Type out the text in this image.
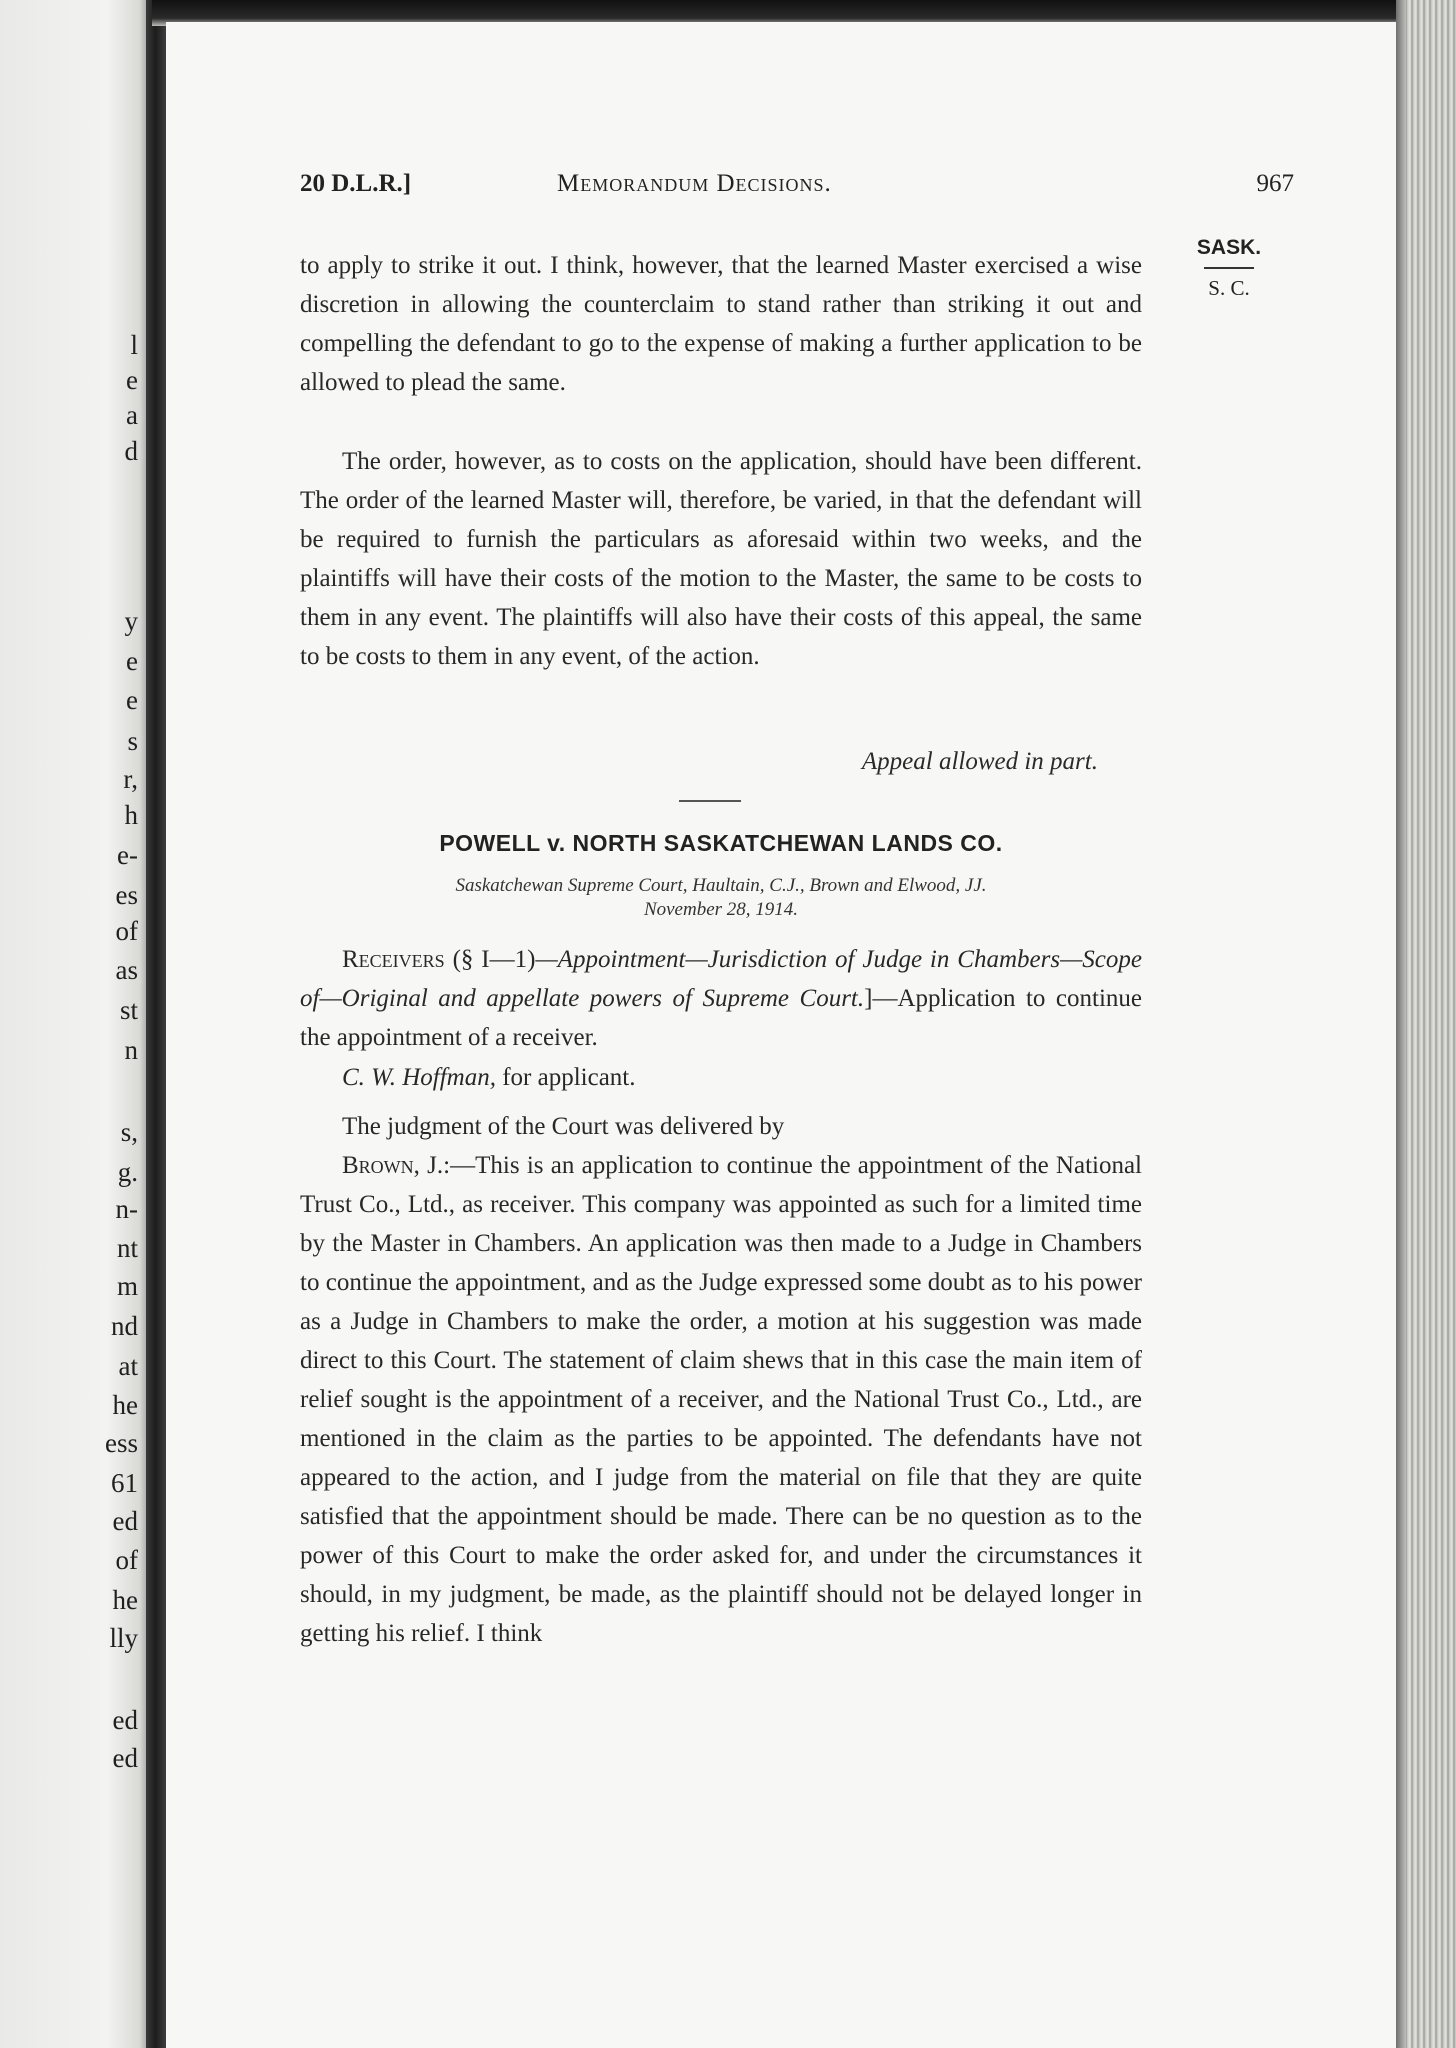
l
e
a
d
y
e
e
s
r,
h
e-
es
of
as
st
n
s,
g.
n-
nt
m
nd
at
he
ess
61
ed
of
he
lly
ed
ed
20 D.L.R.]	Memorandum Decisions.	967
SASK.
S. C.

to apply to strike it out. I think, however, that the learned Master exercised a wise discretion in allowing the counterclaim to stand rather than striking it out and compelling the defendant to go to the expense of making a further application to be allowed to plead the same.

The order, however, as to costs on the application, should have been different. The order of the learned Master will, therefore, be varied, in that the defendant will be required to furnish the particulars as aforesaid within two weeks, and the plaintiffs will have their costs of the motion to the Master, the same to be costs to them in any event. The plaintiffs will also have their costs of this appeal, the same to be costs to them in any event, of the action.

Appeal allowed in part.
POWELL v. NORTH SASKATCHEWAN LANDS CO.
Saskatchewan Supreme Court, Haultain, C.J., Brown and Elwood, JJ.
November 28, 1914.

Receivers (§ I—1)—Appointment—Jurisdiction of Judge in Chambers—Scope of—Original and appellate powers of Supreme Court.]—Application to continue the appointment of a receiver.

C. W. Hoffman, for applicant.

The judgment of the Court was delivered by

Brown, J.:—This is an application to continue the appointment of the National Trust Co., Ltd., as receiver. This company was appointed as such for a limited time by the Master in Chambers. An application was then made to a Judge in Chambers to continue the appointment, and as the Judge expressed some doubt as to his power as a Judge in Chambers to make the order, a motion at his suggestion was made direct to this Court. The statement of claim shews that in this case the main item of relief sought is the appointment of a receiver, and the National Trust Co., Ltd., are mentioned in the claim as the parties to be appointed. The defendants have not appeared to the action, and I judge from the material on file that they are quite satisfied that the appointment should be made. There can be no question as to the power of this Court to make the order asked for, and under the circumstances it should, in my judgment, be made, as the plaintiff should not be delayed longer in getting his relief. I think
